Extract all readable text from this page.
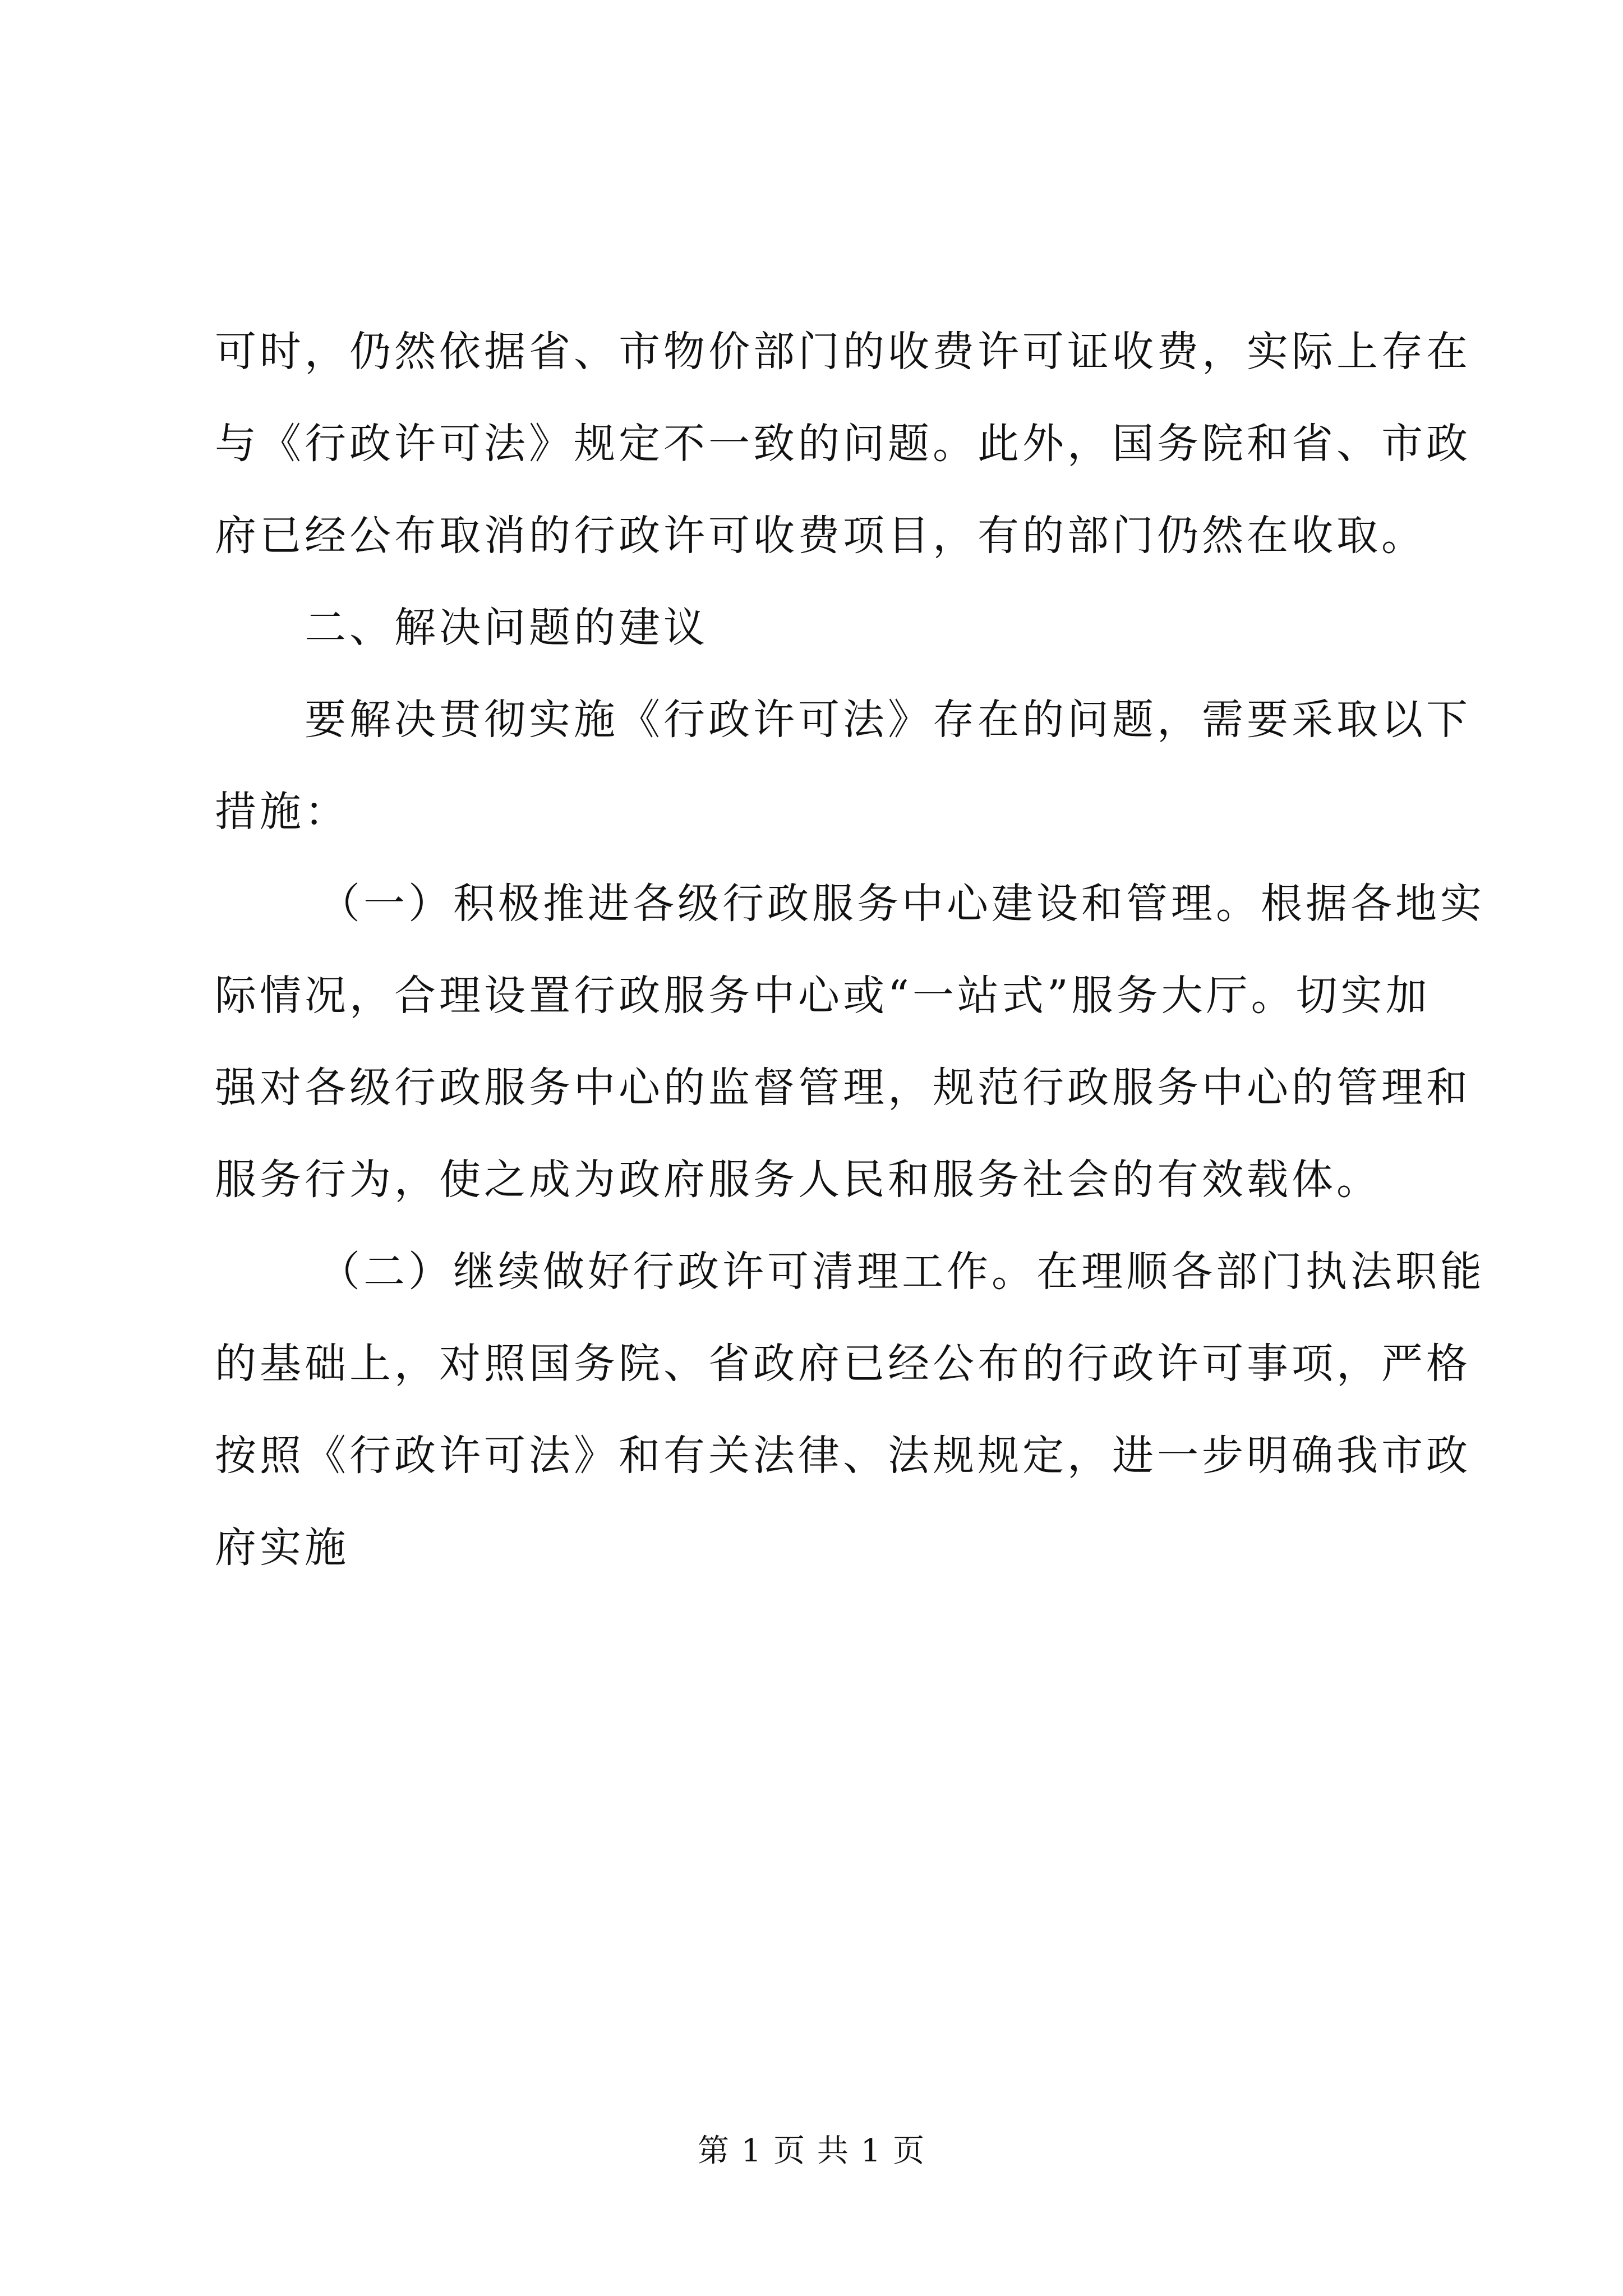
可时，仍然依据省、市物价部门的收费许可证收费，实际上存在
与《行政许可法》规定不一致的问题。此外，国务院和省、市政
府已经公布取消的行政许可收费项目，有的部门仍然在收取。
二、解决问题的建议
要解决贯彻实施《行政许可法》存在的问题，需要采取以下
措施：
（一）积极推进各级行政服务中心建设和管理。根据各地实
际情况，合理设置行政服务中心或“一站式”服务大厅。切实加
强对各级行政服务中心的监督管理，规范行政服务中心的管理和
服务行为，使之成为政府服务人民和服务社会的有效载体。
（二）继续做好行政许可清理工作。在理顺各部门执法职能
的基础上，对照国务院、省政府已经公布的行政许可事项，严格
按照《行政许可法》和有关法律、法规规定，进一步明确我市政
府实施
第 1 页 共 1 页
